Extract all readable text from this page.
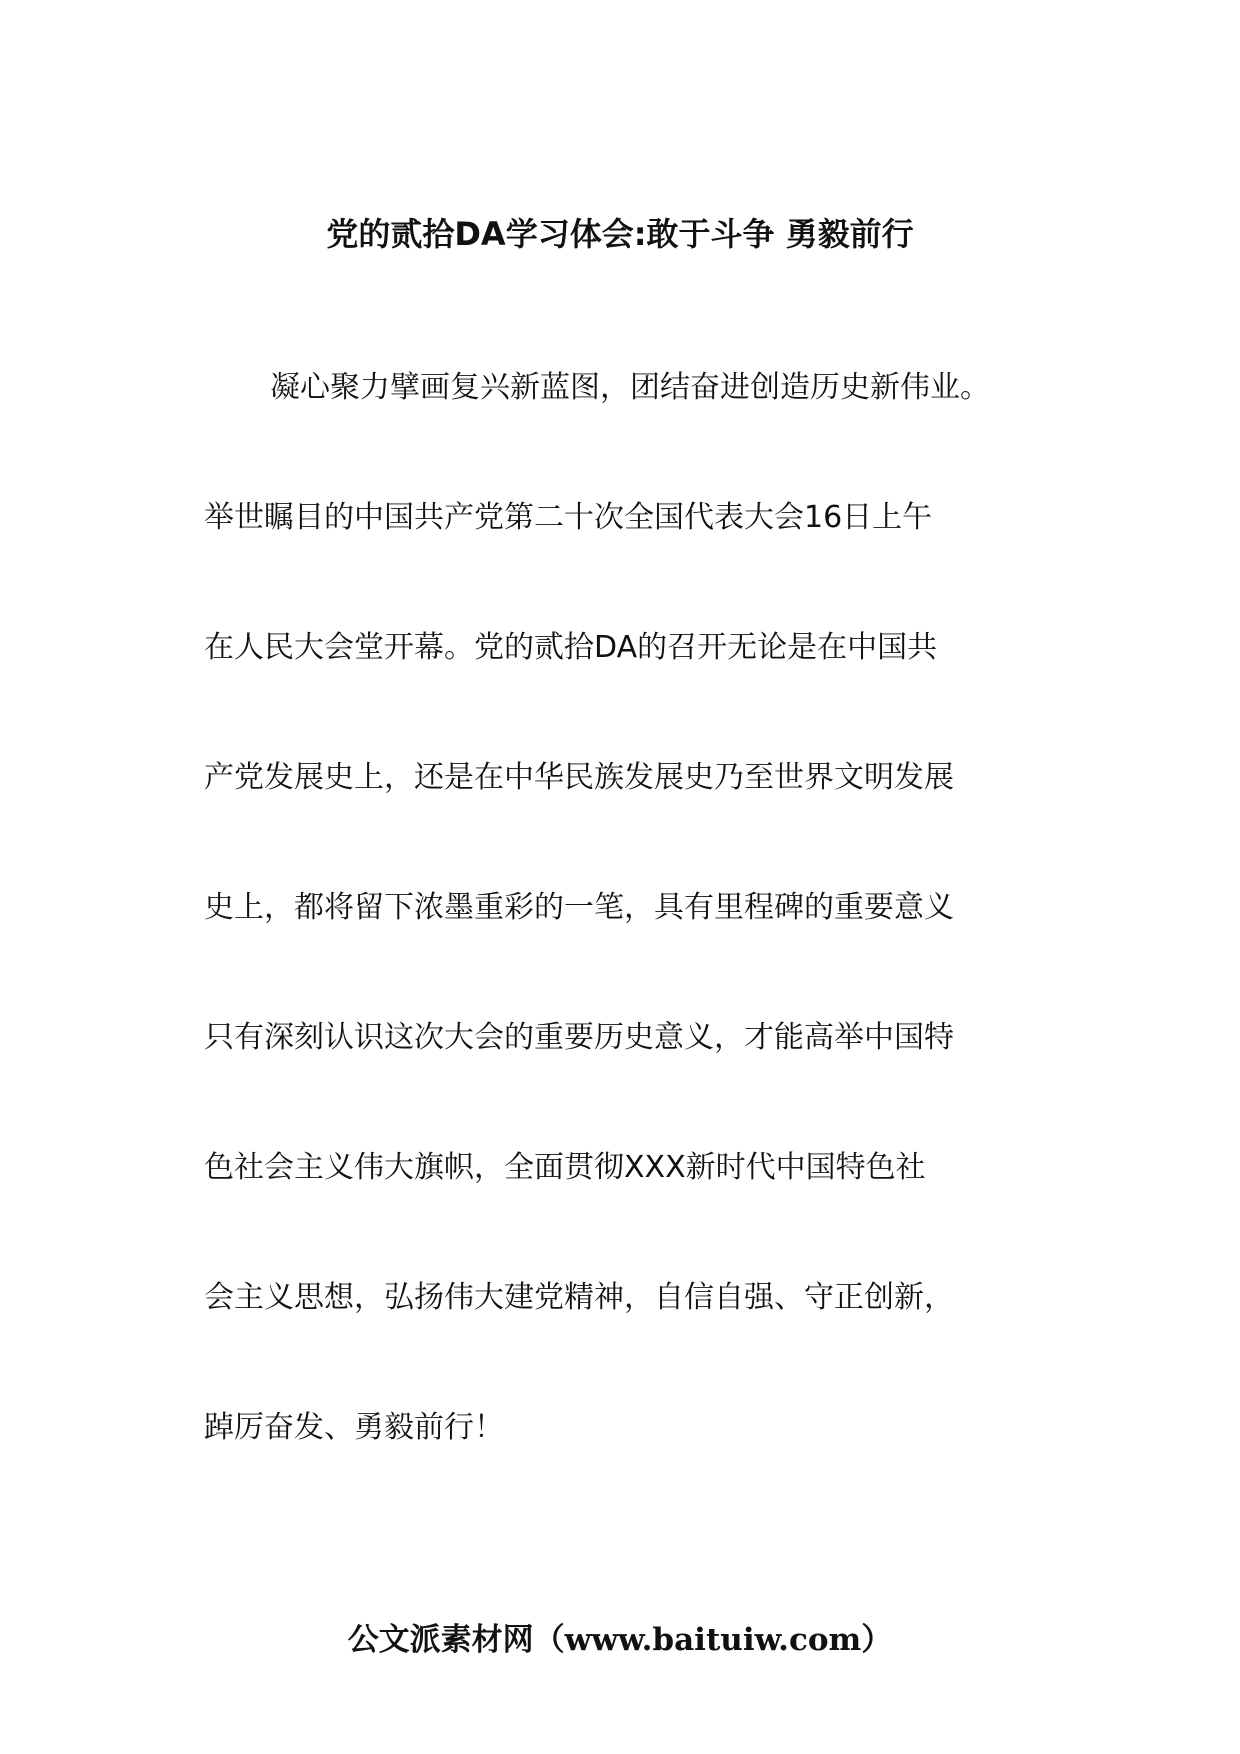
党的贰拾DA学习体会:敢于斗争 勇毅前行
凝心聚力擘画复兴新蓝图，团结奋进创造历史新伟业。
举世瞩目的中国共产党第二十次全国代表大会16日上午
在人民大会堂开幕。党的贰拾DA的召开无论是在中国共
产党发展史上，还是在中华民族发展史乃至世界文明发展
史上，都将留下浓墨重彩的一笔，具有里程碑的重要意义
只有深刻认识这次大会的重要历史意义，才能高举中国特
色社会主义伟大旗帜，全面贯彻XXX新时代中国特色社
会主义思想，弘扬伟大建党精神，自信自强、守正创新，
踔厉奋发、勇毅前行！
公文派素材网（www.baituiw.com）
